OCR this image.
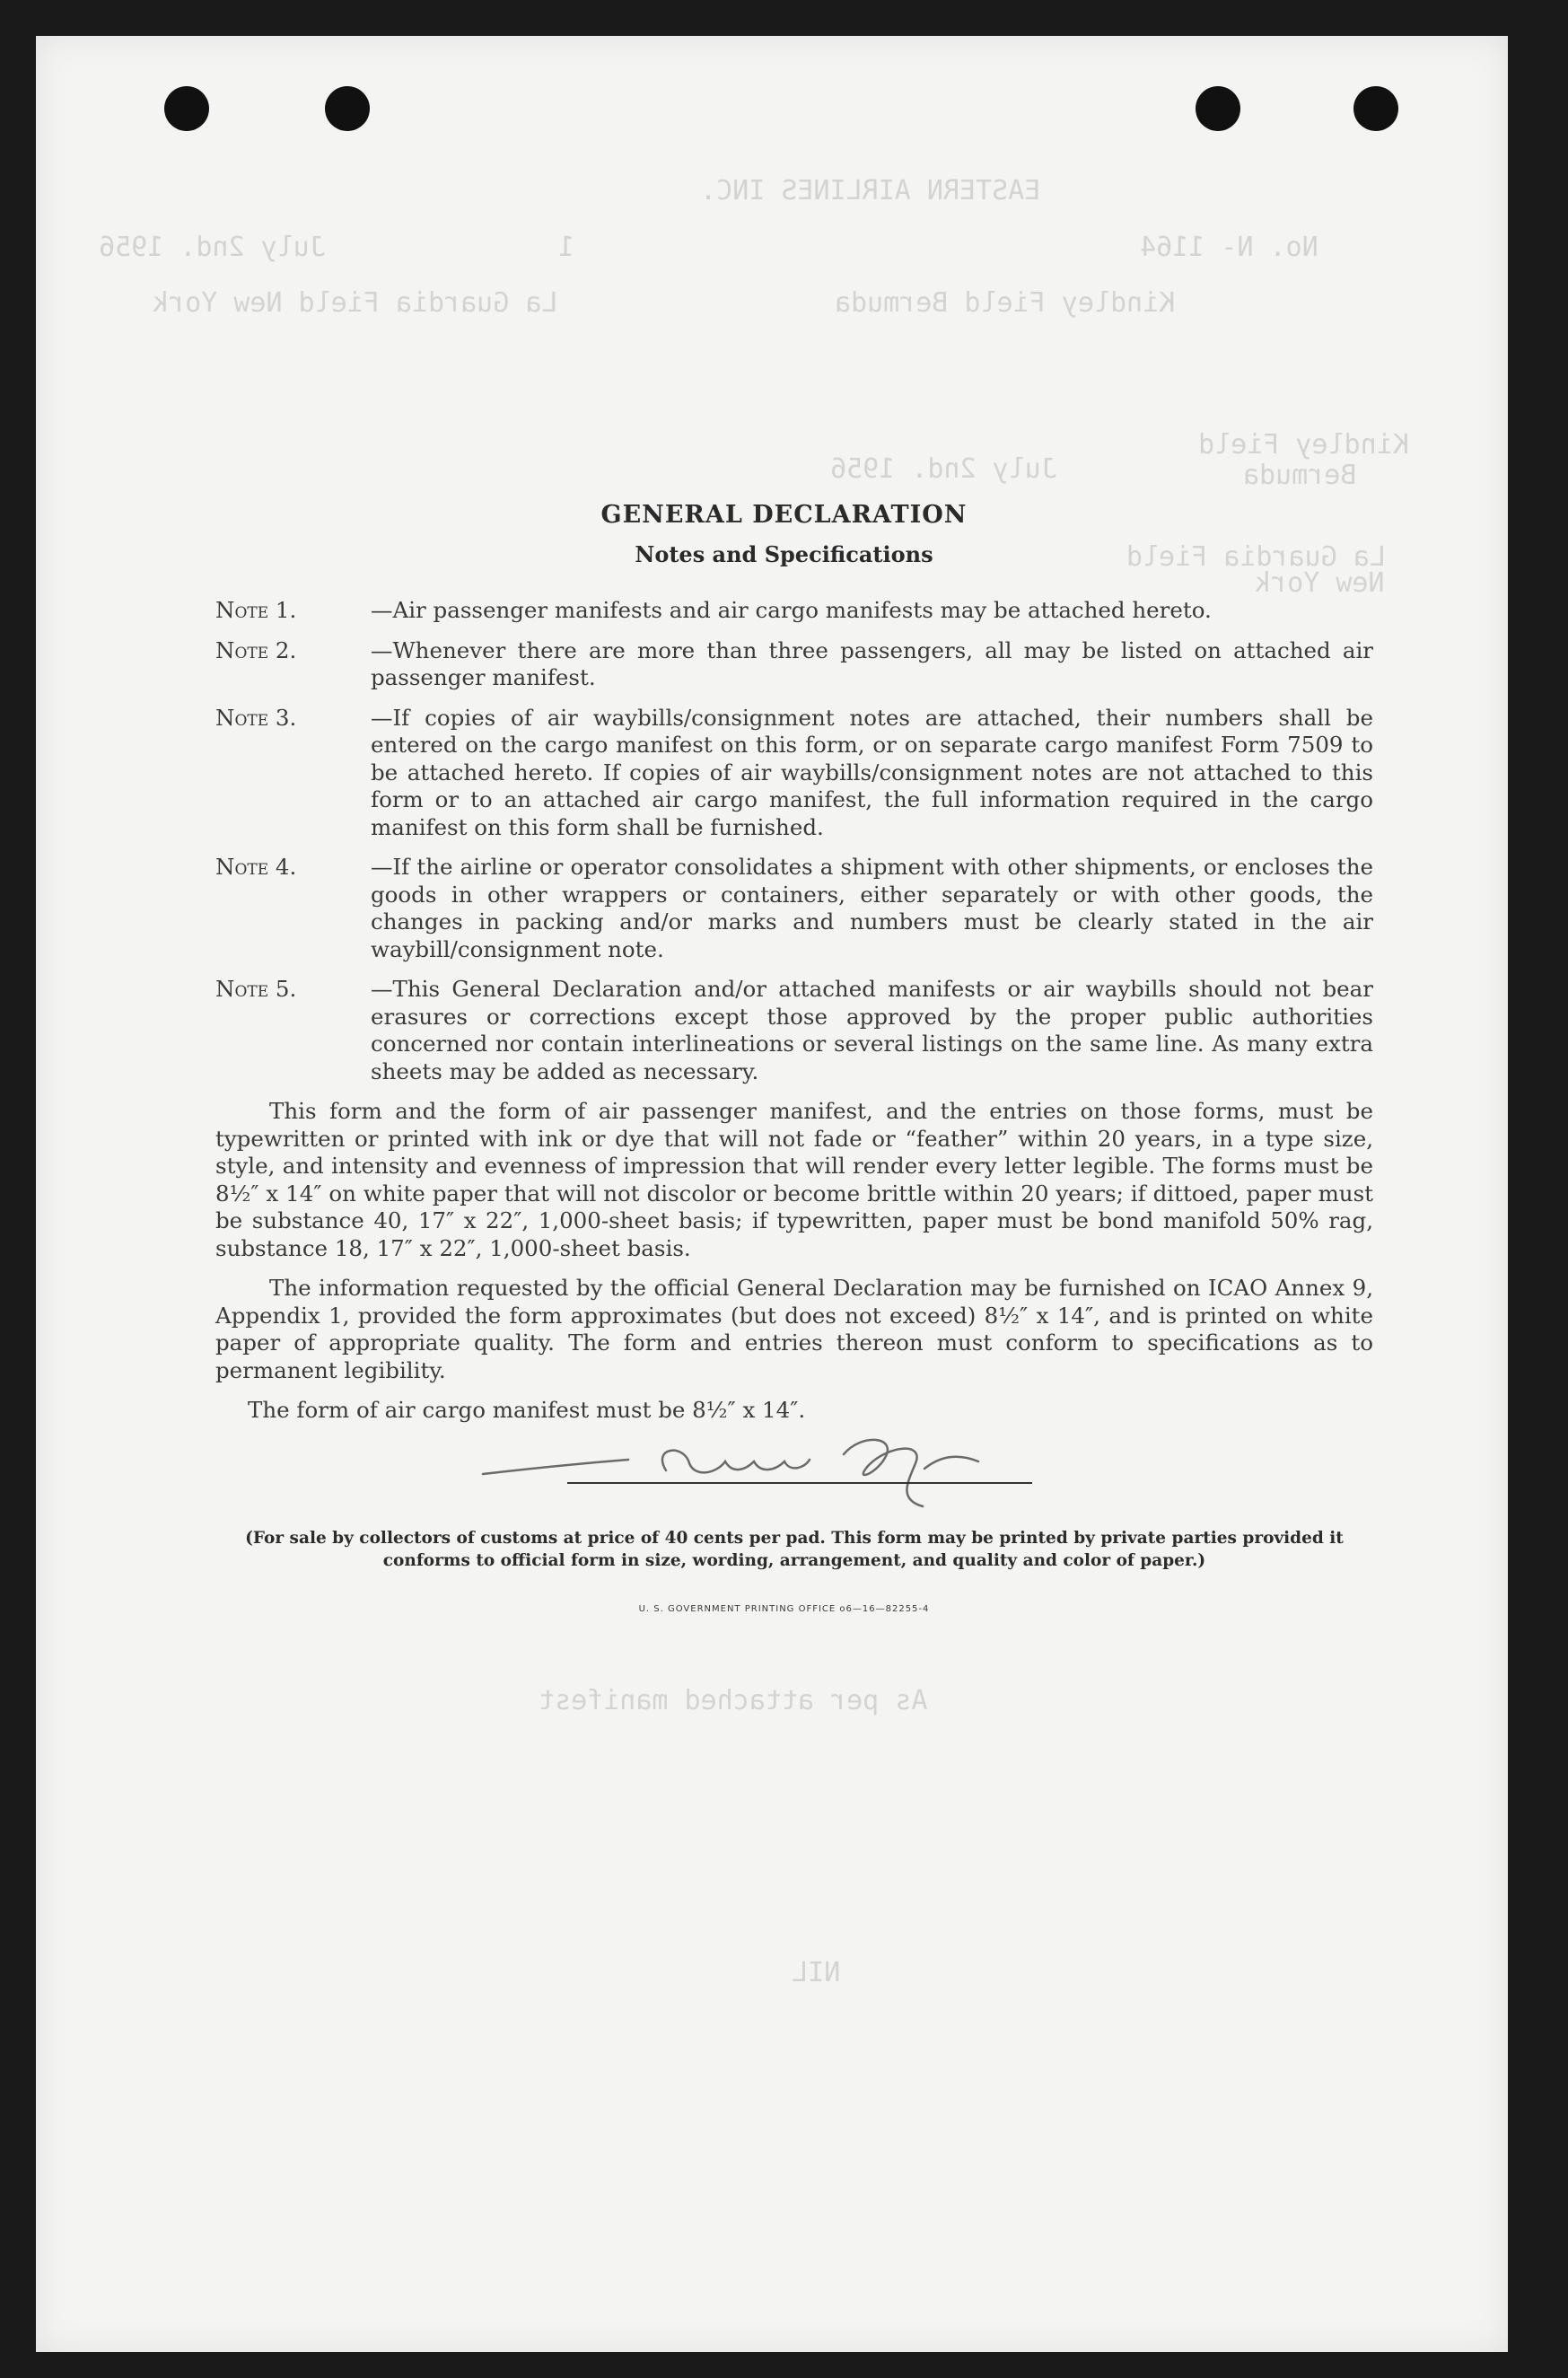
EASTERN AIRLINES INC.
No. N- 1164
1
July 2nd. 1956
Kindley Field Bermuda
La Guardia Field New York
Kindley Field
Bermuda
July 2nd. 1956
La Guardia Field
New York
As per attached manifest
NIL
GENERAL DECLARATION
Notes and Specifications
Note 1.	—Air passenger manifests and air cargo manifests may be attached hereto.
Note 2.	—Whenever there are more than three passengers, all may be listed on attached air passenger manifest.
Note 3.	—If copies of air waybills/consignment notes are attached, their numbers shall be entered on the cargo manifest on this form, or on separate cargo manifest Form 7509 to be attached hereto. If copies of air waybills/consignment notes are not attached to this form or to an attached air cargo manifest, the full information required in the cargo manifest on this form shall be furnished.
Note 4.	—If the airline or operator consolidates a shipment with other shipments, or encloses the goods in other wrappers or containers, either separately or with other goods, the changes in packing and/or marks and numbers must be clearly stated in the air waybill/consignment note.
Note 5.	—This General Declaration and/or attached manifests or air waybills should not bear erasures or corrections except those approved by the proper public authorities concerned nor contain interlineations or several listings on the same line. As many extra sheets may be added as necessary.

This form and the form of air passenger manifest, and the entries on those forms, must be typewritten or printed with ink or dye that will not fade or “feather” within 20 years, in a type size, style, and intensity and evenness of impression that will render every letter legible. The forms must be 8½″ x 14″ on white paper that will not discolor or become brittle within 20 years; if dittoed, paper must be substance 40, 17″ x 22″, 1,000-sheet basis; if typewritten, paper must be bond manifold 50% rag, substance 18, 17″ x 22″, 1,000-sheet basis.

The information requested by the official General Declaration may be furnished on ICAO Annex 9, Appendix 1, provided the form approximates (but does not exceed) 8½″ x 14″, and is printed on white paper of appropriate quality. The form and entries thereon must conform to specifications as to permanent legibility.

The form of air cargo manifest must be 8½″ x 14″.

(For sale by collectors of customs at price of 40 cents per pad. This form may be printed by private parties provided it conforms to official form in size, wording, arrangement, and quality and color of paper.)
U. S. GOVERNMENT PRINTING OFFICE o6—16—82255-4
